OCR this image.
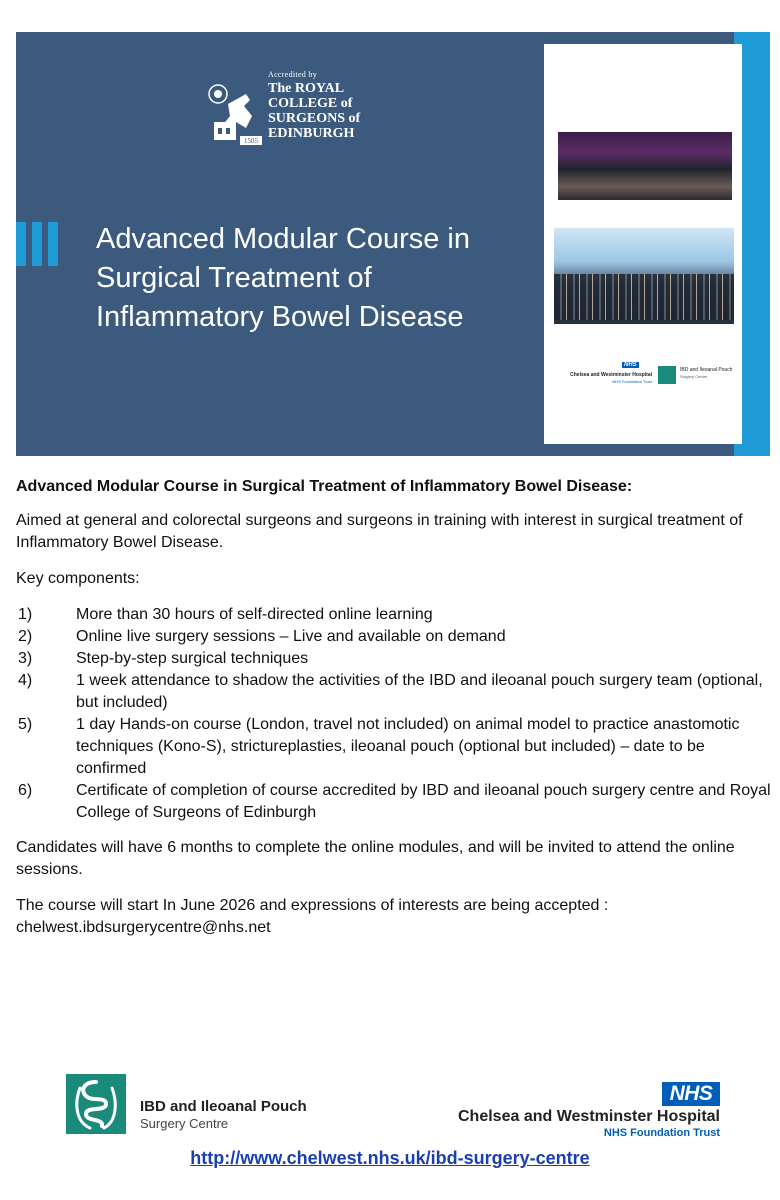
1505
Accredited by
The ROYAL
COLLEGE of
SURGEONS of
EDINBURGH
Advanced Modular Course in
Surgical Treatment of
Inflammatory Bowel Disease
NHS
Chelsea and Westminster Hospital
NHS Foundation Trust
IBD and Ileoanal Pouch
Surgery Centre
Advanced Modular Course in Surgical Treatment of Inflammatory Bowel Disease:
Aimed at general and colorectal surgeons and surgeons in training with interest in surgical treatment of Inflammatory Bowel Disease.
Key components:
1)	More than 30 hours of self-directed online learning
2)	Online live surgery sessions – Live and available on demand
3)	Step-by-step surgical techniques
4)	1 week attendance to shadow the activities of the IBD and ileoanal pouch surgery team (optional, but included)
5)	1 day Hands-on course (London, travel not included) on animal model to practice anastomotic techniques (Kono-S), strictureplasties, ileoanal pouch (optional but included) – date to be confirmed
6)	Certificate of completion of course accredited by IBD and ileoanal pouch surgery centre and Royal College of Surgeons of Edinburgh
Candidates will have 6 months to complete the online modules, and will be invited to attend the online sessions.
The course will start In June 2026 and expressions of interests are being accepted :
chelwest.ibdsurgerycentre@nhs.net
IBD and Ileoanal Pouch
Surgery Centre
NHS
Chelsea and Westminster Hospital
NHS Foundation Trust
http://www.chelwest.nhs.uk/ibd-surgery-centre
